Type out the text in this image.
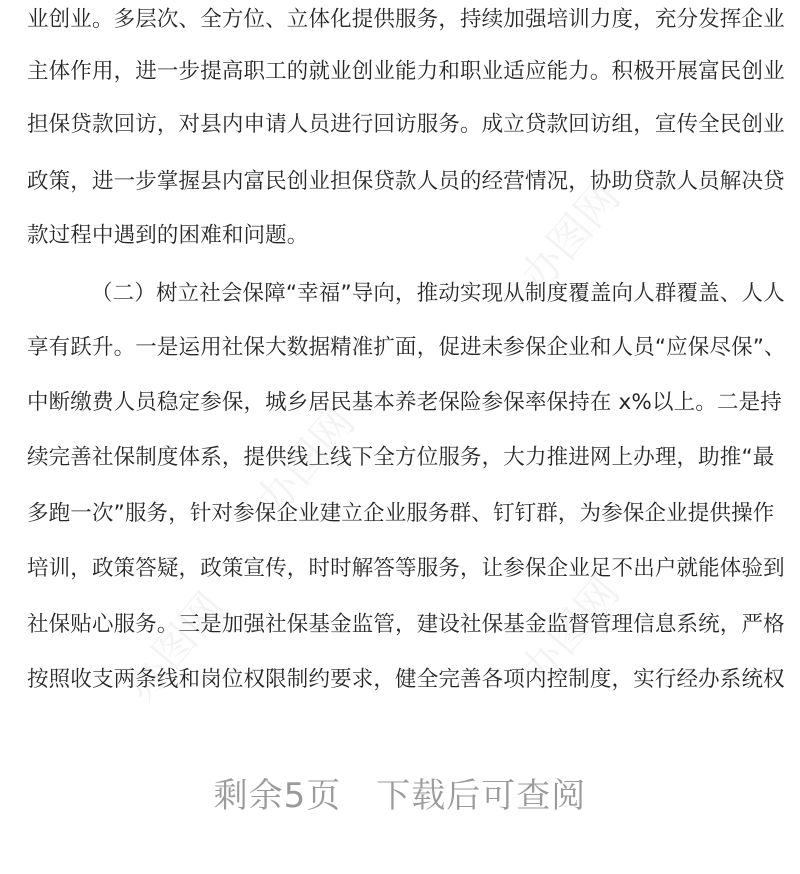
业创业。多层次、全方位、立体化提供服务，持续加强培训力度，充分发挥企业
主体作用，进一步提高职工的就业创业能力和职业适应能力。积极开展富民创业
担保贷款回访，对县内申请人员进行回访服务。成立贷款回访组，宣传全民创业
政策，进一步掌握县内富民创业担保贷款人员的经营情况，协助贷款人员解决贷
款过程中遇到的困难和问题。
（二）树立社会保障“幸福”导向，推动实现从制度覆盖向人群覆盖、人人
享有跃升。一是运用社保大数据精准扩面，促进未参保企业和人员“应保尽保”、
中断缴费人员稳定参保，城乡居民基本养老保险参保率保持在 x%以上。二是持
续完善社保制度体系，提供线上线下全方位服务，大力推进网上办理，助推“最
多跑一次”服务，针对参保企业建立企业服务群、钉钉群，为参保企业提供操作
培训，政策答疑，政策宣传，时时解答等服务，让参保企业足不出户就能体验到
社保贴心服务。三是加强社保基金监管，建设社保基金监督管理信息系统，严格
按照收支两条线和岗位权限制约要求，健全完善各项内控制度，实行经办系统权
办图网
办图网
办图网
办图网
剩余5页　下载后可查阅
